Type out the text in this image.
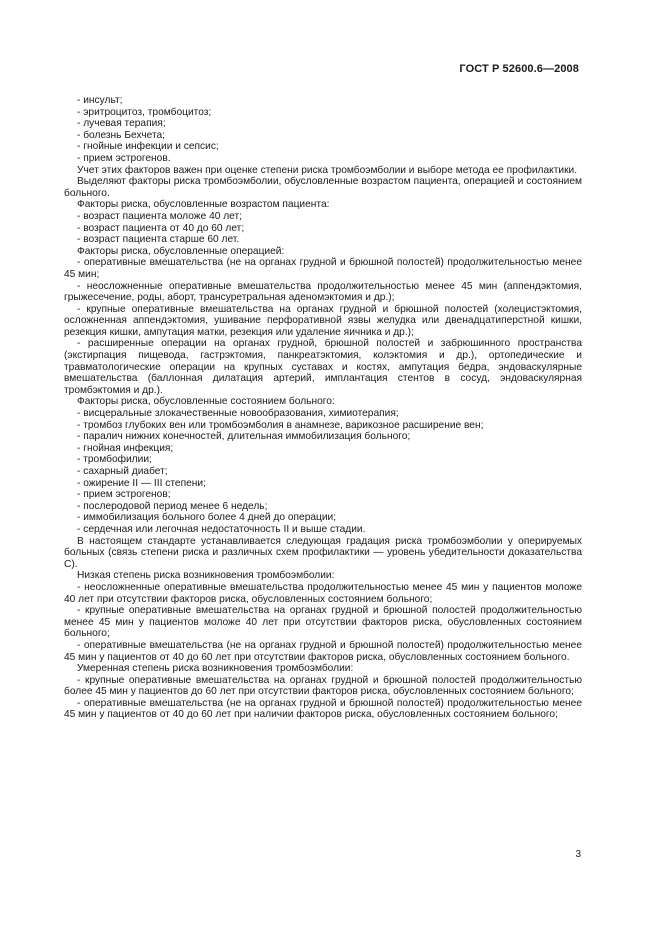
ГОСТ Р 52600.6—2008

- инсульт;

- эритроцитоз, тромбоцитоз;

- лучевая терапия;

- болезнь Бехчета;

- гнойные инфекции и сепсис;

- прием эстрогенов.

Учет этих факторов важен при оценке степени риска тромбоэмболии и выборе метода ее профилактики.

Выделяют факторы риска тромбоэмболии, обусловленные возрастом пациента, операцией и состоянием больного.

Факторы риска, обусловленные возрастом пациента:

- возраст пациента моложе 40 лет;

- возраст пациента от 40 до 60 лет;

- возраст пациента старше 60 лет.

Факторы риска, обусловленные операцией:

- оперативные вмешательства (не на органах грудной и брюшной полостей) продолжительностью менее 45 мин;

- неосложненные оперативные вмешательства продолжительностью менее 45 мин (аппендэктомия, грыжесечение, роды, аборт, трансуретральная аденомэктомия и др.);

- крупные оперативные вмешательства на органах грудной и брюшной полостей (холецистэктомия, осложненная аппендэктомия, ушивание перфоративной язвы желудка или двенадцатиперстной кишки, резекция кишки, ампутация матки, резекция или удаление яичника и др.);

- расширенные операции на органах грудной, брюшной полостей и забрюшинного пространства (экстирпация пищевода, гастрэктомия, панкреатэктомия, колэктомия и др.), ортопедические и травматологические операции на крупных суставах и костях, ампутация бедра, эндоваскулярные вмешательства (баллонная дилатация артерий, имплантация стентов в сосуд, эндоваскулярная тромбэктомия и др.).

Факторы риска, обусловленные состоянием больного:

- висцеральные злокачественные новообразования, химиотерапия;

- тромбоз глубоких вен или тромбоэмболия в анамнезе, варикозное расширение вен;

- паралич нижних конечностей, длительная иммобилизация больного;

- гнойная инфекция;

- тромбофилии;

- сахарный диабет;

- ожирение II — III степени;

- прием эстрогенов;

- послеродовой период менее 6 недель;

- иммобилизация больного более 4 дней до операции;

- сердечная или легочная недостаточность II и выше стадии.

В настоящем стандарте устанавливается следующая градация риска тромбоэмболии у оперируемых больных (связь степени риска и различных схем профилактики — уровень убедительности доказательства С).

Низкая степень риска возникновения тромбоэмболии:

- неосложненные оперативные вмешательства продолжительностью менее 45 мин у пациентов моложе 40 лет при отсутствии факторов риска, обусловленных состоянием больного;

- крупные оперативные вмешательства на органах грудной и брюшной полостей продолжительностью менее 45 мин у пациентов моложе 40 лет при отсутствии факторов риска, обусловленных состоянием больного;

- оперативные вмешательства (не на органах грудной и брюшной полостей) продолжительностью менее 45 мин у пациентов от 40 до 60 лет при отсутствии факторов риска, обусловленных состоянием больного.

Умеренная степень риска возникновения тромбоэмболии:

- крупные оперативные вмешательства на органах грудной и брюшной полостей продолжительностью более 45 мин у пациентов до 60 лет при отсутствии факторов риска, обусловленных состоянием больного;

- оперативные вмешательства (не на органах грудной и брюшной полостей) продолжительностью менее 45 мин у пациентов от 40 до 60 лет при наличии факторов риска, обусловленных состоянием больного;

3
